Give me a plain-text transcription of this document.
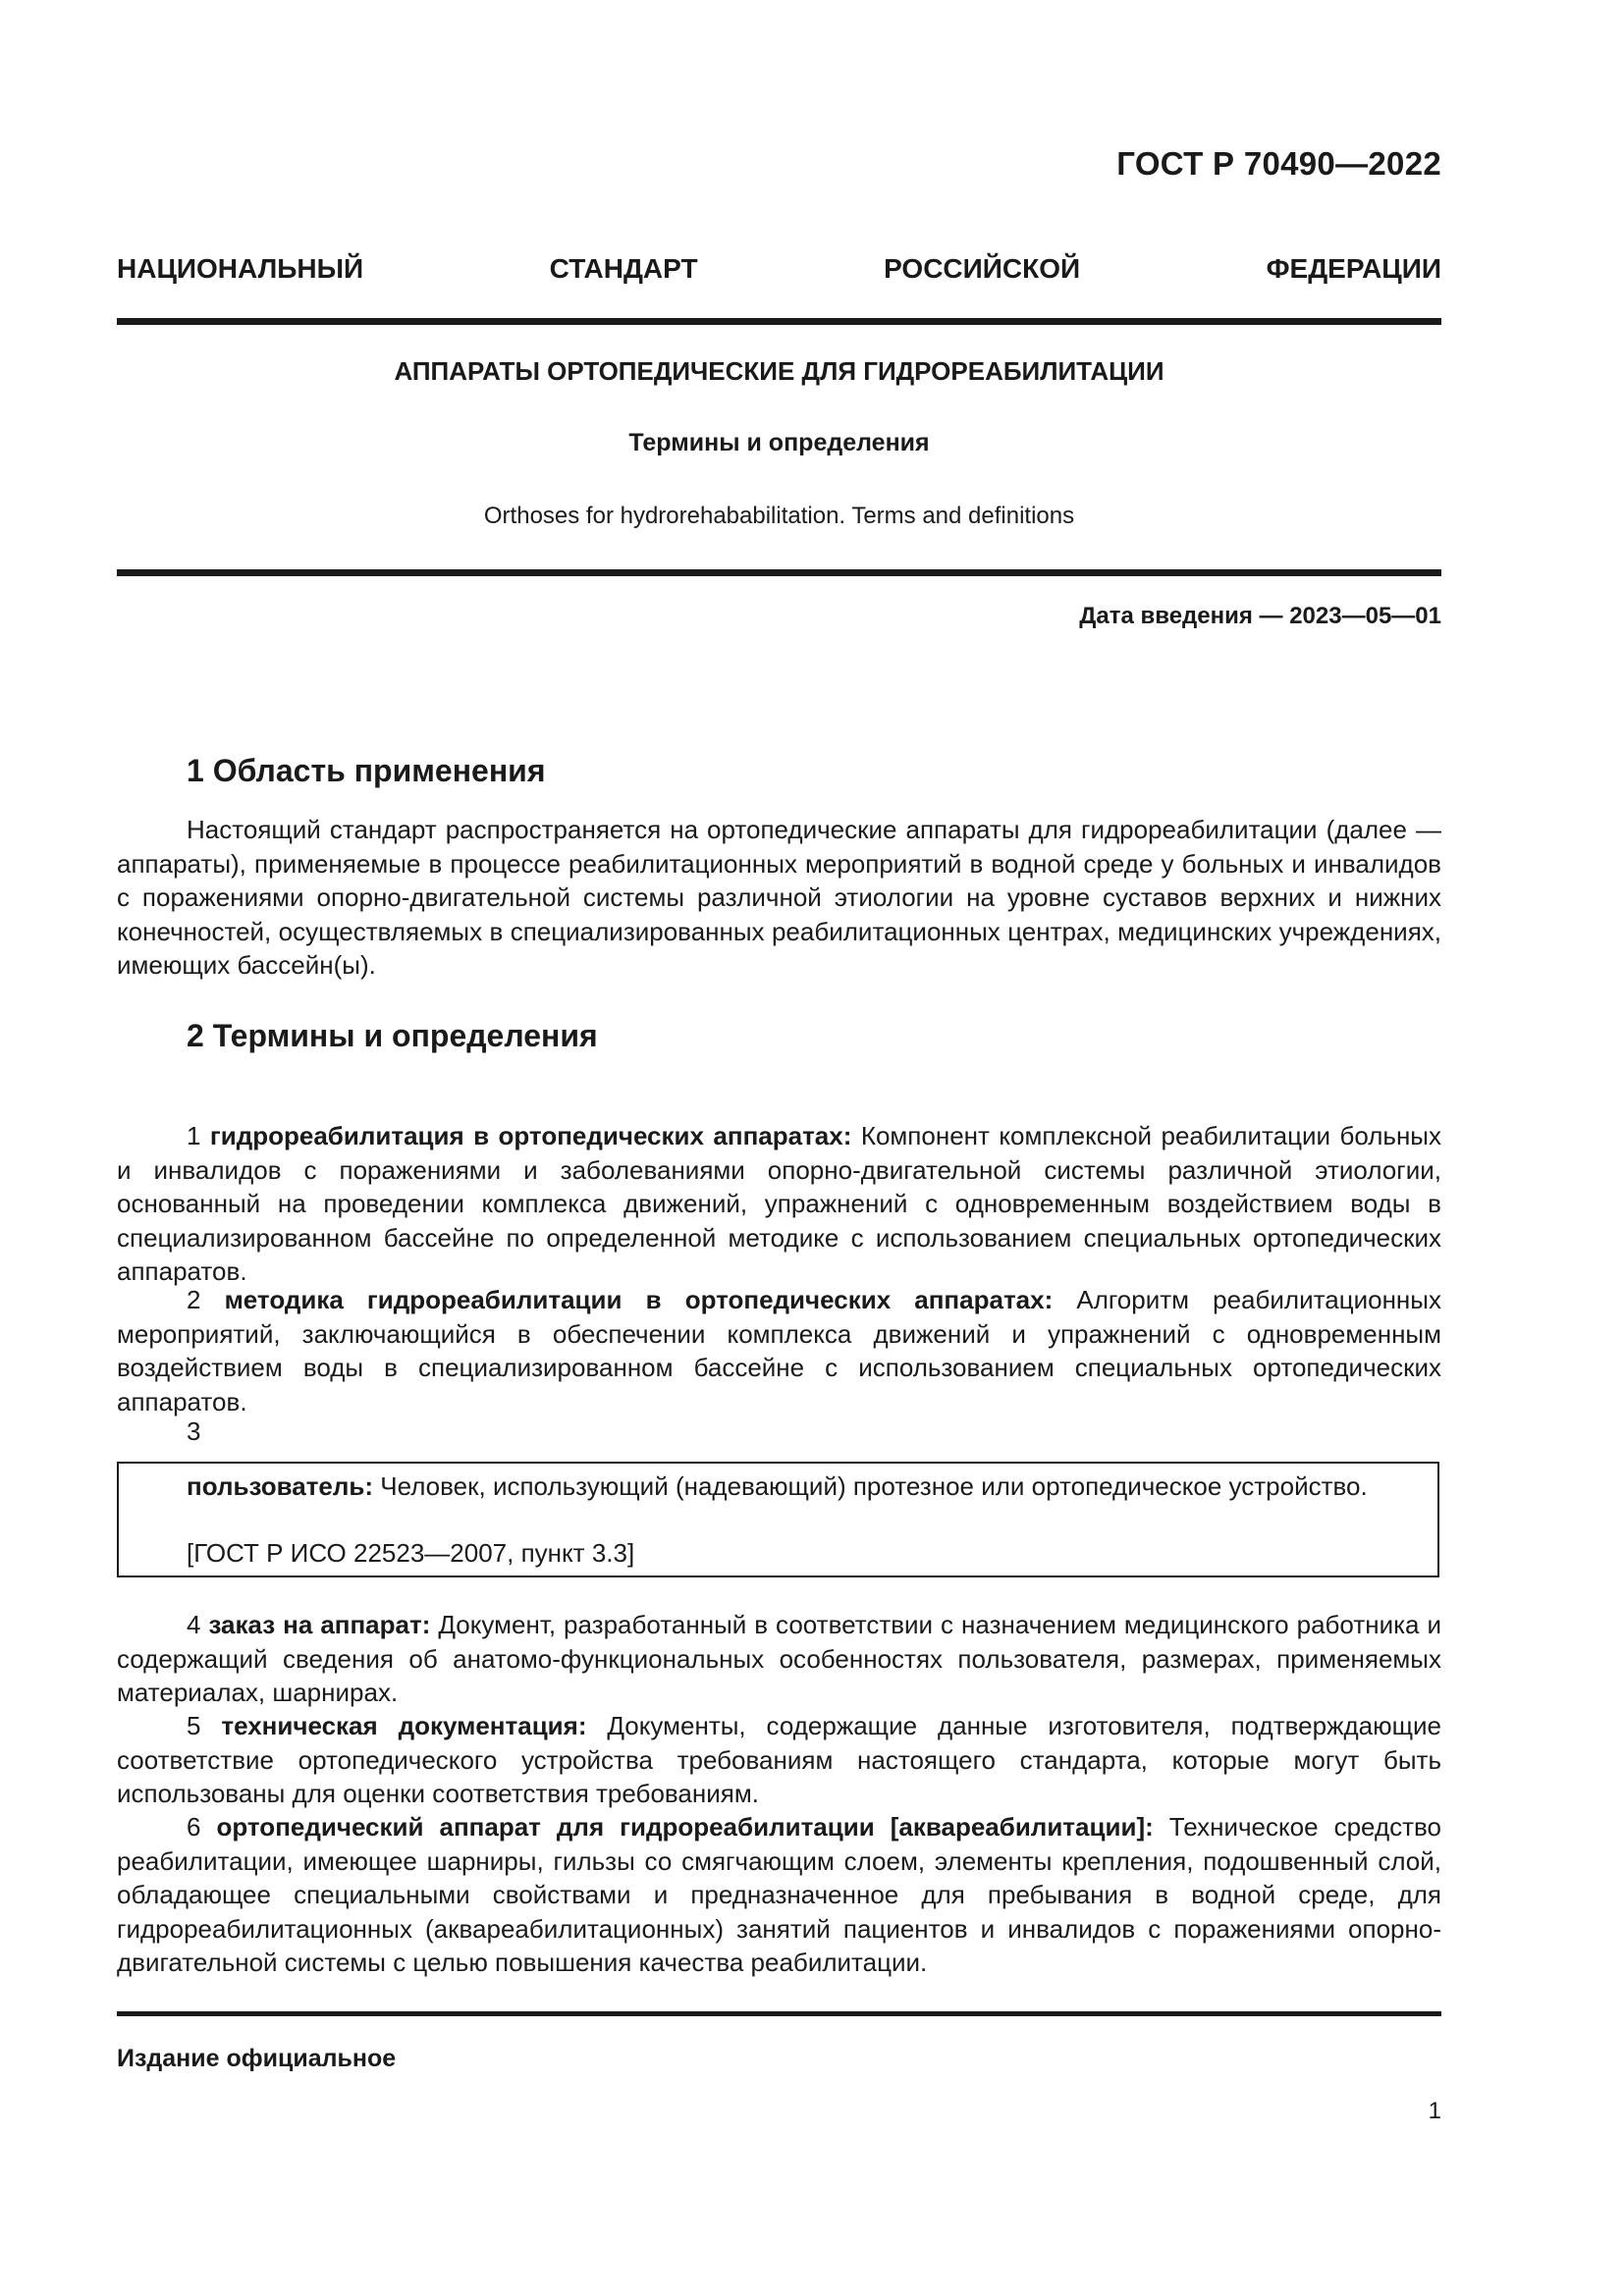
ГОСТ Р 70490—2022
НАЦИОНАЛЬНЫЙ	СТАНДАРТ	РОССИЙСКОЙ	ФЕДЕРАЦИИ
АППАРАТЫ ОРТОПЕДИЧЕСКИЕ ДЛЯ ГИДРОРЕАБИЛИТАЦИИ
Термины и определения
Orthoses for hydrorehababilitation. Terms and definitions
Дата введения — 2023—05—01
1 Область применения

Настоящий стандарт распространяется на ортопедические аппараты для гидрореабилитации (далее — аппараты), применяемые в процессе реабилитационных мероприятий в водной среде у больных и инвалидов с поражениями опорно-двигательной системы различной этиологии на уровне суставов верхних и нижних конечностей, осуществляемых в специализированных реабилитационных центрах, медицинских учреждениях, имеющих бассейн(ы).

2 Термины и определения

1 гидрореабилитация в ортопедических аппаратах: Компонент комплексной реабилитации больных и инвалидов с поражениями и заболеваниями опорно-двигательной системы различной этиологии, основанный на проведении комплекса движений, упражнений с одновременным воздействием воды в специализированном бассейне по определенной методике с использованием специальных ортопедических аппаратов.

2 методика гидрореабилитации в ортопедических аппаратах: Алгоритм реабилитационных мероприятий, заключающийся в обеспечении комплекса движений и упражнений с одновременным воздействием воды в специализированном бассейне с использованием специальных ортопедических аппаратов.

3

пользователь: Человек, использующий (надевающий) протезное или ортопедическое устройство.

[ГОСТ Р ИСО 22523—2007, пункт 3.3]

4 заказ на аппарат: Документ, разработанный в соответствии с назначением медицинского работника и содержащий сведения об анатомо-функциональных особенностях пользователя, размерах, применяемых материалах, шарнирах.

5 техническая документация: Документы, содержащие данные изготовителя, подтверждающие соответствие ортопедического устройства требованиям настоящего стандарта, которые могут быть использованы для оценки соответствия требованиям.

6 ортопедический аппарат для гидрореабилитации [аквареабилитации]: Техническое средство реабилитации, имеющее шарниры, гильзы со смягчающим слоем, элементы крепления, подошвенный слой, обладающее специальными свойствами и предназначенное для пребывания в водной среде, для гидрореабилитационных (аквареабилитационных) занятий пациентов и инвалидов с поражениями опорно-двигательной системы с целью повышения качества реабилитации.

Издание официальное
1
